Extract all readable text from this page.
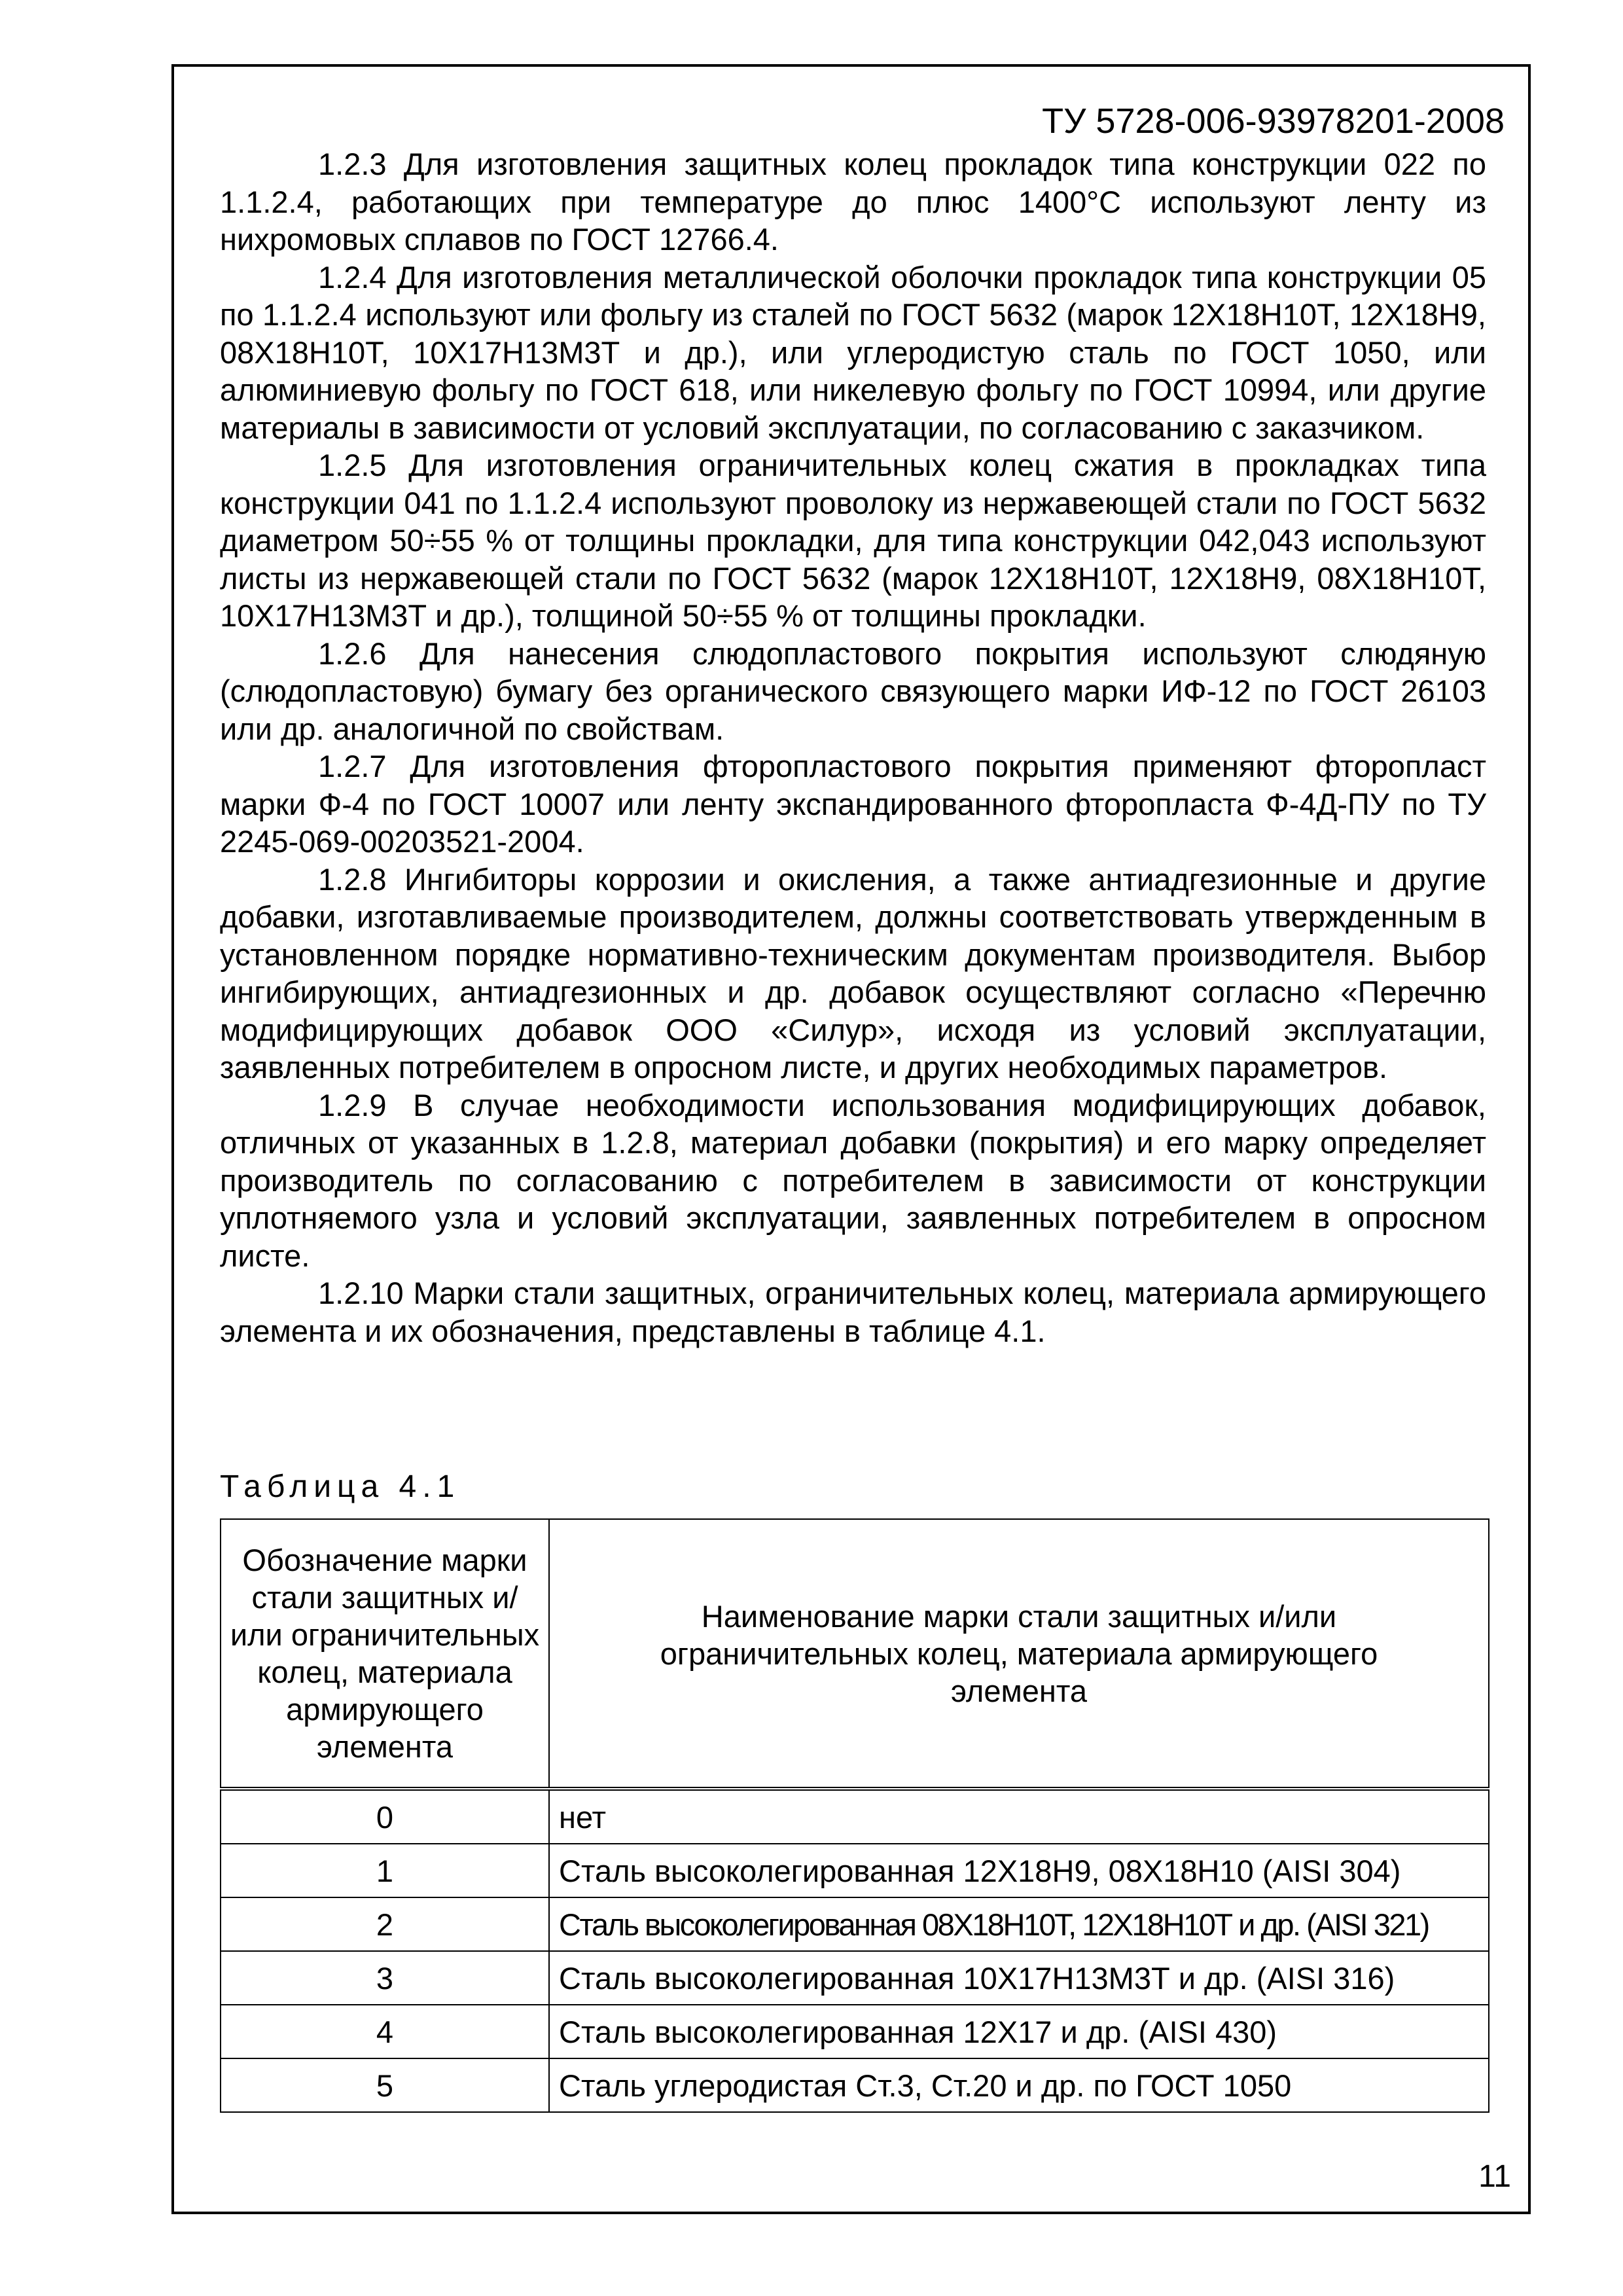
ТУ 5728-006-93978201-2008

1.2.3 Для изготовления защитных колец прокладок типа конструкции 022 по 1.1.2.4, работающих при температуре до плюс 1400°С используют ленту из нихромовых сплавов по ГОСТ 12766.4.

1.2.4 Для изготовления металлической оболочки прокладок типа конструкции 05 по 1.1.2.4 используют или фольгу из сталей по ГОСТ 5632 (марок 12Х18Н10Т, 12Х18Н9, 08Х18Н10Т, 10Х17Н13М3Т и др.), или углеродистую сталь по ГОСТ 1050, или алюминиевую фольгу по ГОСТ 618, или никелевую фольгу по ГОСТ 10994, или другие материалы в зависимости от условий эксплуатации, по согласованию с заказчиком.

1.2.5 Для изготовления ограничительных колец сжатия в прокладках типа конструкции 041 по 1.1.2.4 используют проволоку из нержавеющей стали по ГОСТ 5632 диаметром 50÷55 % от толщины прокладки, для типа конструкции 042,043 используют листы из нержавеющей стали по ГОСТ 5632 (марок 12Х18Н10Т, 12Х18Н9, 08Х18Н10Т, 10Х17Н13М3Т и др.), толщиной 50÷55 % от толщины прокладки.

1.2.6 Для нанесения слюдопластового покрытия используют слюдяную (слюдопластовую) бумагу без органического связующего марки ИФ-12 по ГОСТ 26103 или др. аналогичной по свойствам.

1.2.7 Для изготовления фторопластового покрытия применяют фторопласт марки Ф-4 по ГОСТ 10007 или ленту экспандированного фторопласта Ф-4Д-ПУ по ТУ 2245-069-00203521-2004.

1.2.8 Ингибиторы коррозии и окисления, а также антиадгезионные и другие добавки, изготавливаемые производителем, должны соответствовать утвержденным в установленном порядке нормативно-техническим документам производителя. Выбор ингибирующих, антиадгезионных и др. добавок осуществляют согласно «Перечню модифицирующих добавок ООО «Силур», исходя из условий эксплуатации, заявленных потребителем в опросном листе, и других необходимых параметров.

1.2.9 В случае необходимости использования модифицирующих добавок, отличных от указанных в 1.2.8, материал добавки (покрытия) и его марку определяет производитель по согласованию с потребителем в зависимости от конструкции уплотняемого узла и условий эксплуатации, заявленных потребителем в опросном листе.

1.2.10 Марки стали защитных, ограничительных колец, материала армирующего элемента и их обозначения, представлены в таблице 4.1.

Таблица 4.1
Обозначение марки стали защитных и/или ограничительных колец, материала армирующего элемента	Наименование марки стали защитных и/или ограничительных колец, материала армирующего элемента
0	нет
1	Сталь высоколегированная 12Х18Н9, 08Х18Н10 (AISI 304)
2	Сталь высоколегированная 08Х18Н10Т, 12Х18Н10Т и др. (AISI 321)
3	Сталь высоколегированная 10Х17Н13М3Т и др. (AISI 316)
4	Сталь высоколегированная 12Х17 и др. (AISI 430)
5	Сталь углеродистая Ст.3, Ст.20 и др. по ГОСТ 1050
11
